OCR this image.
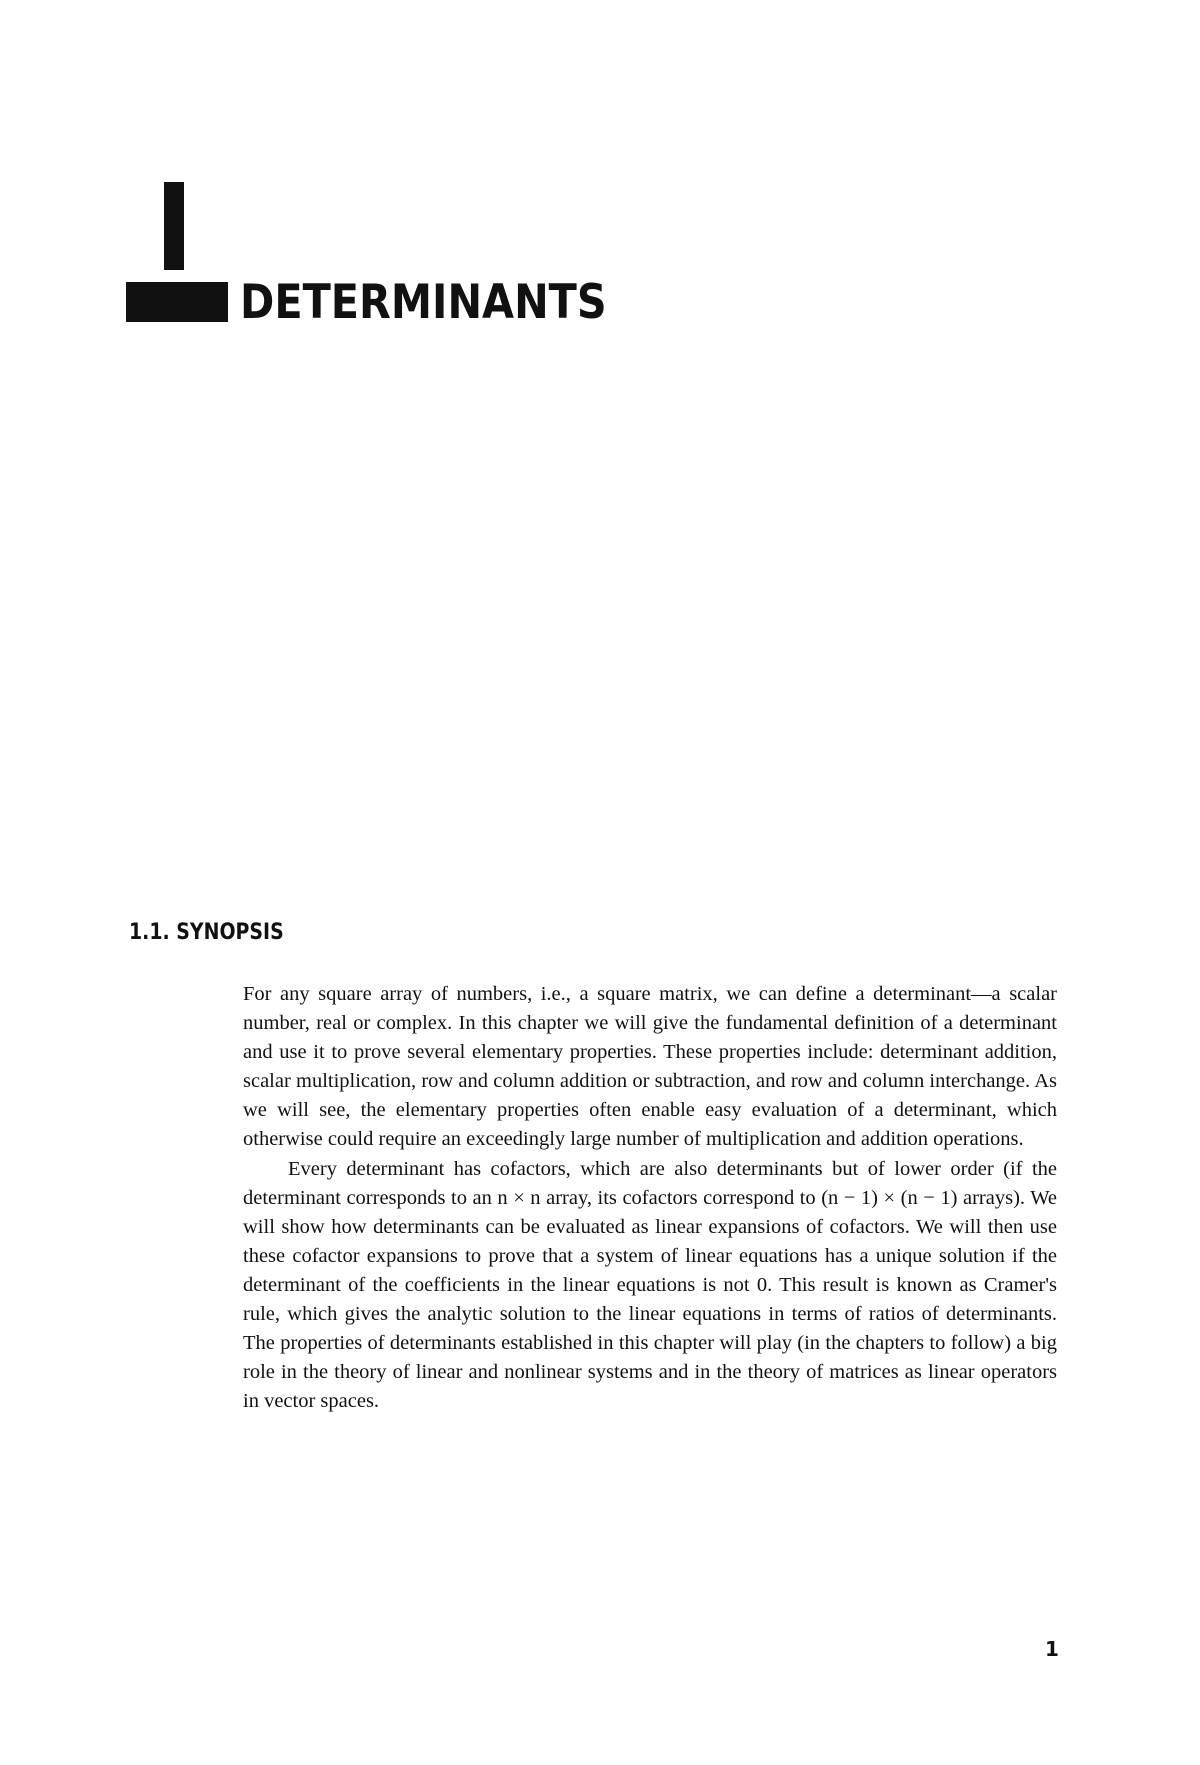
DETERMINANTS
1.1. SYNOPSIS

For any square array of numbers, i.e., a square matrix, we can define a determinant—a scalar number, real or complex. In this chapter we will give the fundamental definition of a determinant and use it to prove several elementary properties. These properties include: determinant addition, scalar multiplication, row and column addition or subtraction, and row and column interchange. As we will see, the elementary properties often enable easy evaluation of a determinant, which otherwise could require an exceedingly large number of multiplication and addition operations.

Every determinant has cofactors, which are also determinants but of lower order (if the determinant corresponds to an n × n array, its cofactors correspond to (n − 1) × (n − 1) arrays). We will show how determinants can be evaluated as linear expansions of cofactors. We will then use these cofactor expansions to prove that a system of linear equations has a unique solution if the determinant of the coefficients in the linear equations is not 0. This result is known as Cramer's rule, which gives the analytic solution to the linear equations in terms of ratios of determinants. The properties of determinants established in this chapter will play (in the chapters to follow) a big role in the theory of linear and nonlinear systems and in the theory of matrices as linear operators in vector spaces.

1
